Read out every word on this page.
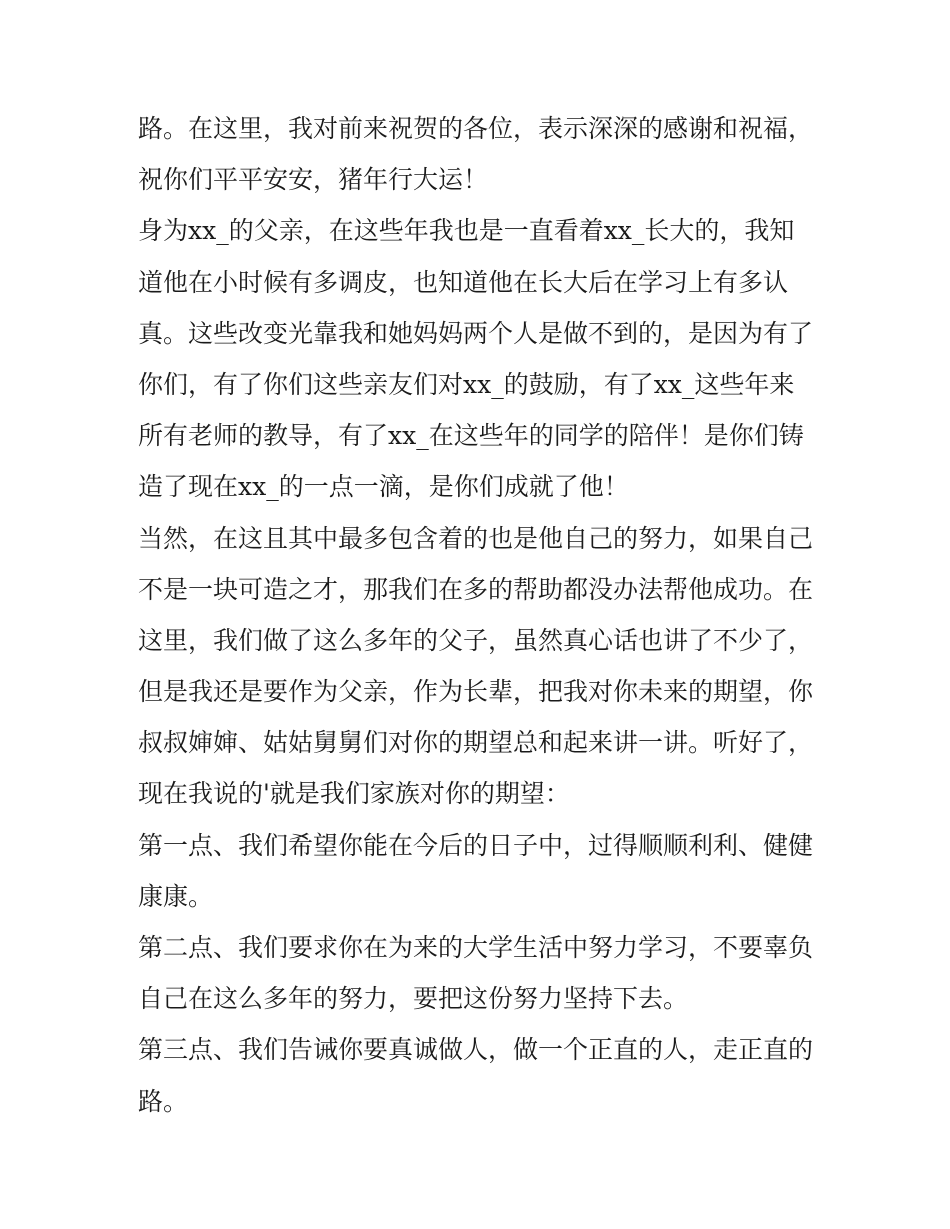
路。在这里，我对前来祝贺的各位，表示深深的感谢和祝福，
祝你们平平安安，猪年行大运！
身为xx_的父亲，在这些年我也是一直看着xx_长大的，我知
道他在小时候有多调皮，也知道他在长大后在学习上有多认
真。这些改变光靠我和她妈妈两个人是做不到的，是因为有了
你们，有了你们这些亲友们对xx_的鼓励，有了xx_这些年来
所有老师的教导，有了xx_在这些年的同学的陪伴！是你们铸
造了现在xx_的一点一滴，是你们成就了他！
当然，在这且其中最多包含着的也是他自己的努力，如果自己
不是一块可造之才，那我们在多的帮助都没办法帮他成功。在
这里，我们做了这么多年的父子，虽然真心话也讲了不少了，
但是我还是要作为父亲，作为长辈，把我对你未来的期望，你
叔叔婶婶、姑姑舅舅们对你的期望总和起来讲一讲。听好了，
现在我说的'就是我们家族对你的期望：
第一点、我们希望你能在今后的日子中，过得顺顺利利、健健
康康。
第二点、我们要求你在为来的大学生活中努力学习，不要辜负
自己在这么多年的努力，要把这份努力坚持下去。
第三点、我们告诫你要真诚做人，做一个正直的人，走正直的
路。
